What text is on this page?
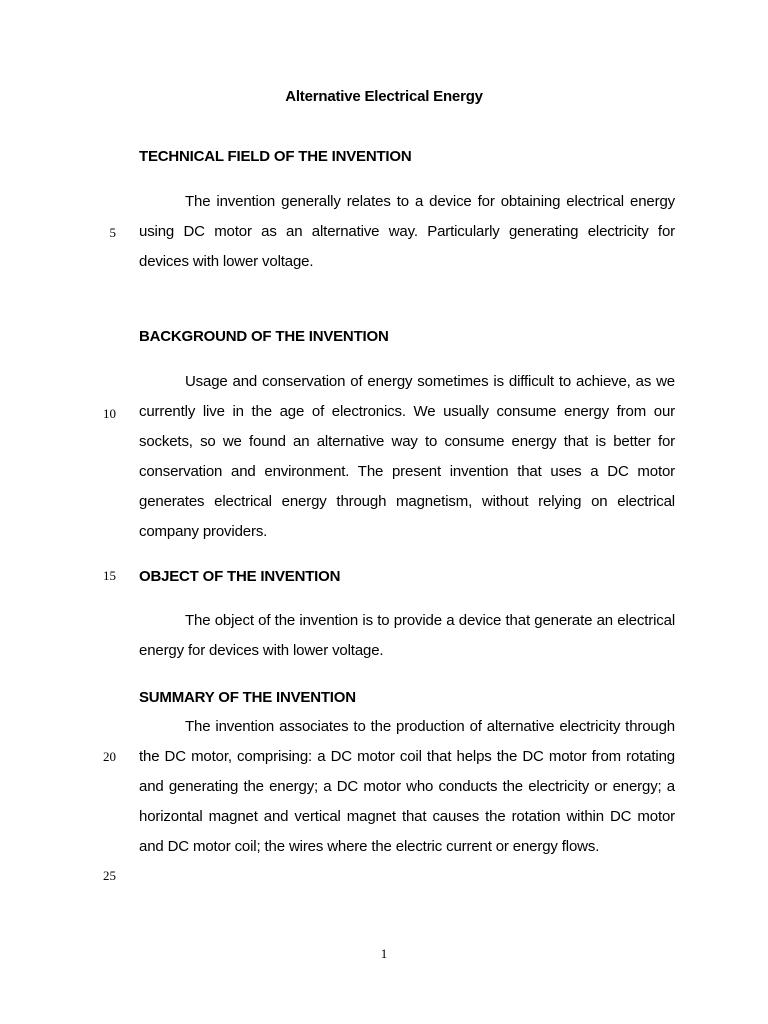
Alternative Electrical Energy
TECHNICAL FIELD OF THE INVENTION
The invention generally relates to a device for obtaining electrical energy using DC motor as an alternative way. Particularly generating electricity for devices with lower voltage.
BACKGROUND OF THE INVENTION
Usage and conservation of energy sometimes is difficult to achieve, as we currently live in the age of electronics. We usually consume energy from our sockets, so we found an alternative way to consume energy that is better for conservation and environment. The present invention that uses a DC motor generates electrical energy through magnetism, without relying on electrical company providers.
OBJECT OF THE INVENTION
The object of the invention is to provide a device that generate an electrical energy for devices with lower voltage.
SUMMARY OF THE INVENTION
The invention associates to the production of alternative electricity through the DC motor, comprising: a DC motor coil that helps the DC motor from rotating and generating the energy; a DC motor who conducts the electricity or energy; a horizontal magnet and vertical magnet that causes the rotation within DC motor and DC motor coil; the wires where the electric current or energy flows.
5
10
15
20
25
1
